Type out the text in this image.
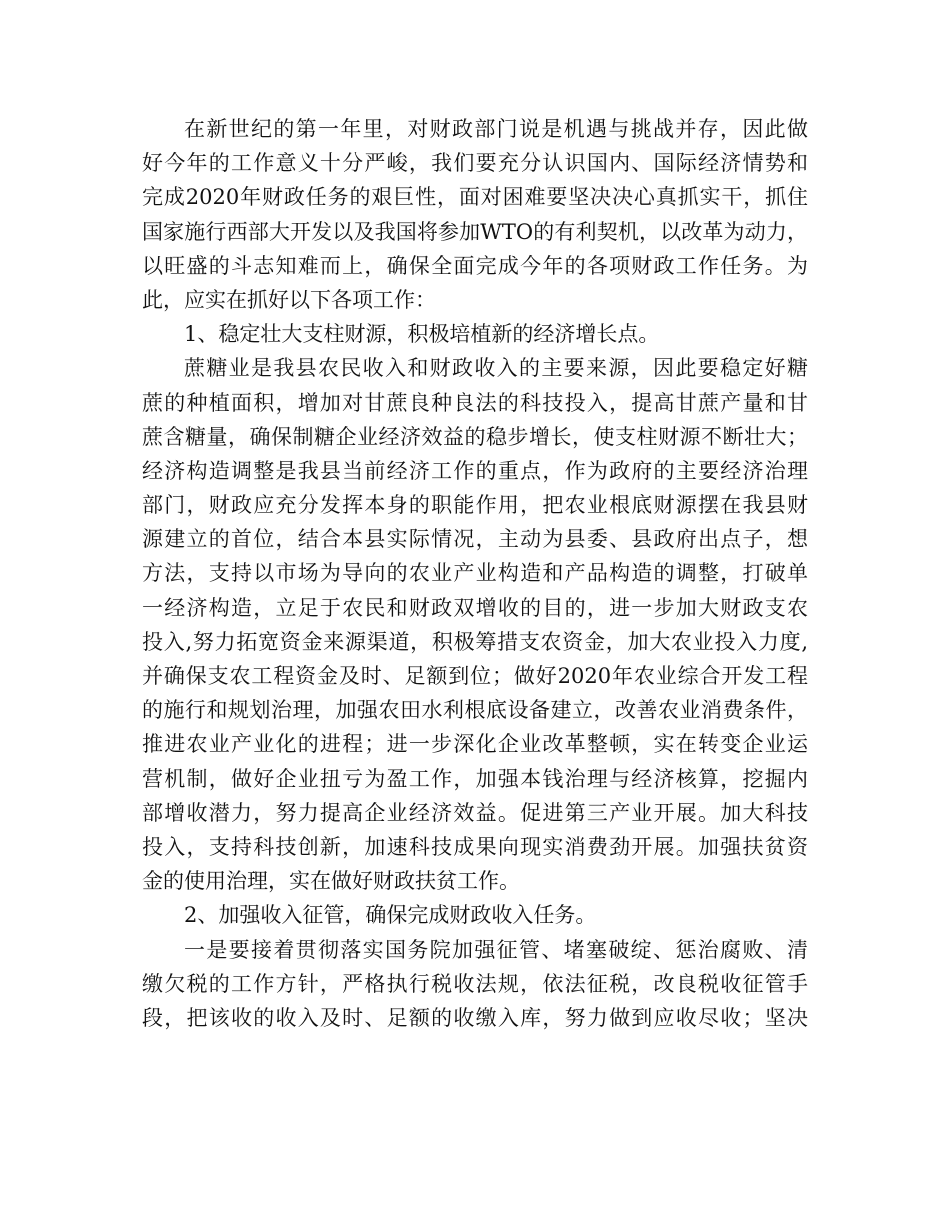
在新世纪的第一年里，对财政部门说是机遇与挑战并存，因此做
好今年的工作意义十分严峻，我们要充分认识国内、国际经济情势和
完成2020年财政任务的艰巨性，面对困难要坚决决心真抓实干，抓住
国家施行西部大开发以及我国将参加WTO的有利契机，以改革为动力，
以旺盛的斗志知难而上，确保全面完成今年的各项财政工作任务。为
此，应实在抓好以下各项工作：
1、稳定壮大支柱财源，积极培植新的经济增长点。
蔗糖业是我县农民收入和财政收入的主要来源，因此要稳定好糖
蔗的种植面积，增加对甘蔗良种良法的科技投入，提高甘蔗产量和甘
蔗含糖量，确保制糖企业经济效益的稳步增长，使支柱财源不断壮大；
经济构造调整是我县当前经济工作的重点，作为政府的主要经济治理
部门，财政应充分发挥本身的职能作用，把农业根底财源摆在我县财
源建立的首位，结合本县实际情况，主动为县委、县政府出点子，想
方法，支持以市场为导向的农业产业构造和产品构造的调整，打破单
一经济构造，立足于农民和财政双增收的目的，进一步加大财政支农
投入,努力拓宽资金来源渠道，积极筹措支农资金，加大农业投入力度,
并确保支农工程资金及时、足额到位；做好2020年农业综合开发工程
的施行和规划治理，加强农田水利根底设备建立，改善农业消费条件，
推进农业产业化的进程；进一步深化企业改革整顿，实在转变企业运
营机制，做好企业扭亏为盈工作，加强本钱治理与经济核算，挖掘内
部增收潜力，努力提高企业经济效益。促进第三产业开展。加大科技
投入，支持科技创新，加速科技成果向现实消费劲开展。加强扶贫资
金的使用治理，实在做好财政扶贫工作。
2、加强收入征管，确保完成财政收入任务。
一是要接着贯彻落实国务院加强征管、堵塞破绽、惩治腐败、清
缴欠税的工作方针，严格执行税收法规，依法征税，改良税收征管手
段，把该收的收入及时、足额的收缴入库，努力做到应收尽收；坚决
